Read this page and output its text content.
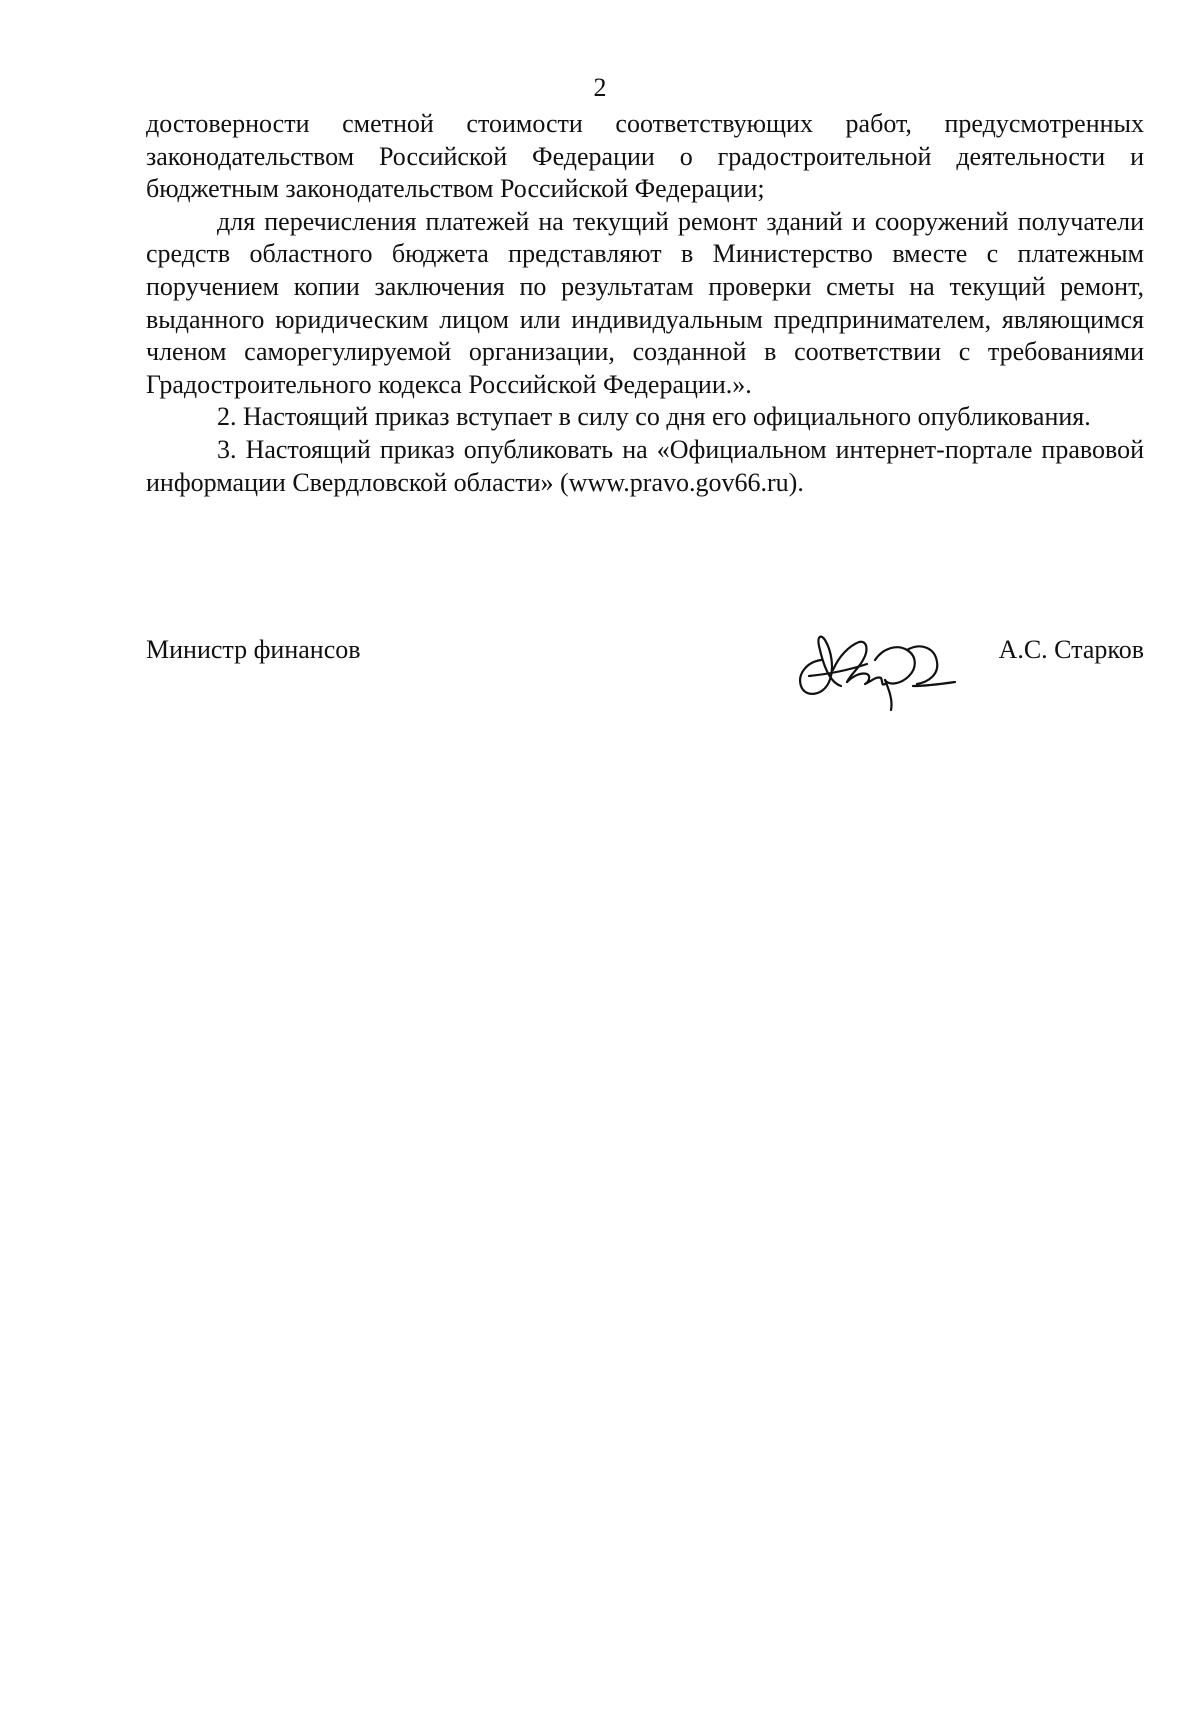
2

достоверности сметной стоимости соответствующих работ, предусмотренных законодательством Российской Федерации о градостроительной деятельности и бюджетным законодательством Российской Федерации;

для перечисления платежей на текущий ремонт зданий и сооружений получатели средств областного бюджета представляют в Министерство вместе с платежным поручением копии заключения по результатам проверки сметы на текущий ремонт, выданного юридическим лицом или индивидуальным предпринимателем, являющимся членом саморегулируемой организации, созданной в соответствии с требованиями Градостроительного кодекса Российской Федерации.».

2. Настоящий приказ вступает в силу со дня его официального опубликования.

3. Настоящий приказ опубликовать на «Официальном интернет-портале правовой информации Свердловской области» (www.pravo.gov66.ru).

Министр финансов	А.С. Старков
